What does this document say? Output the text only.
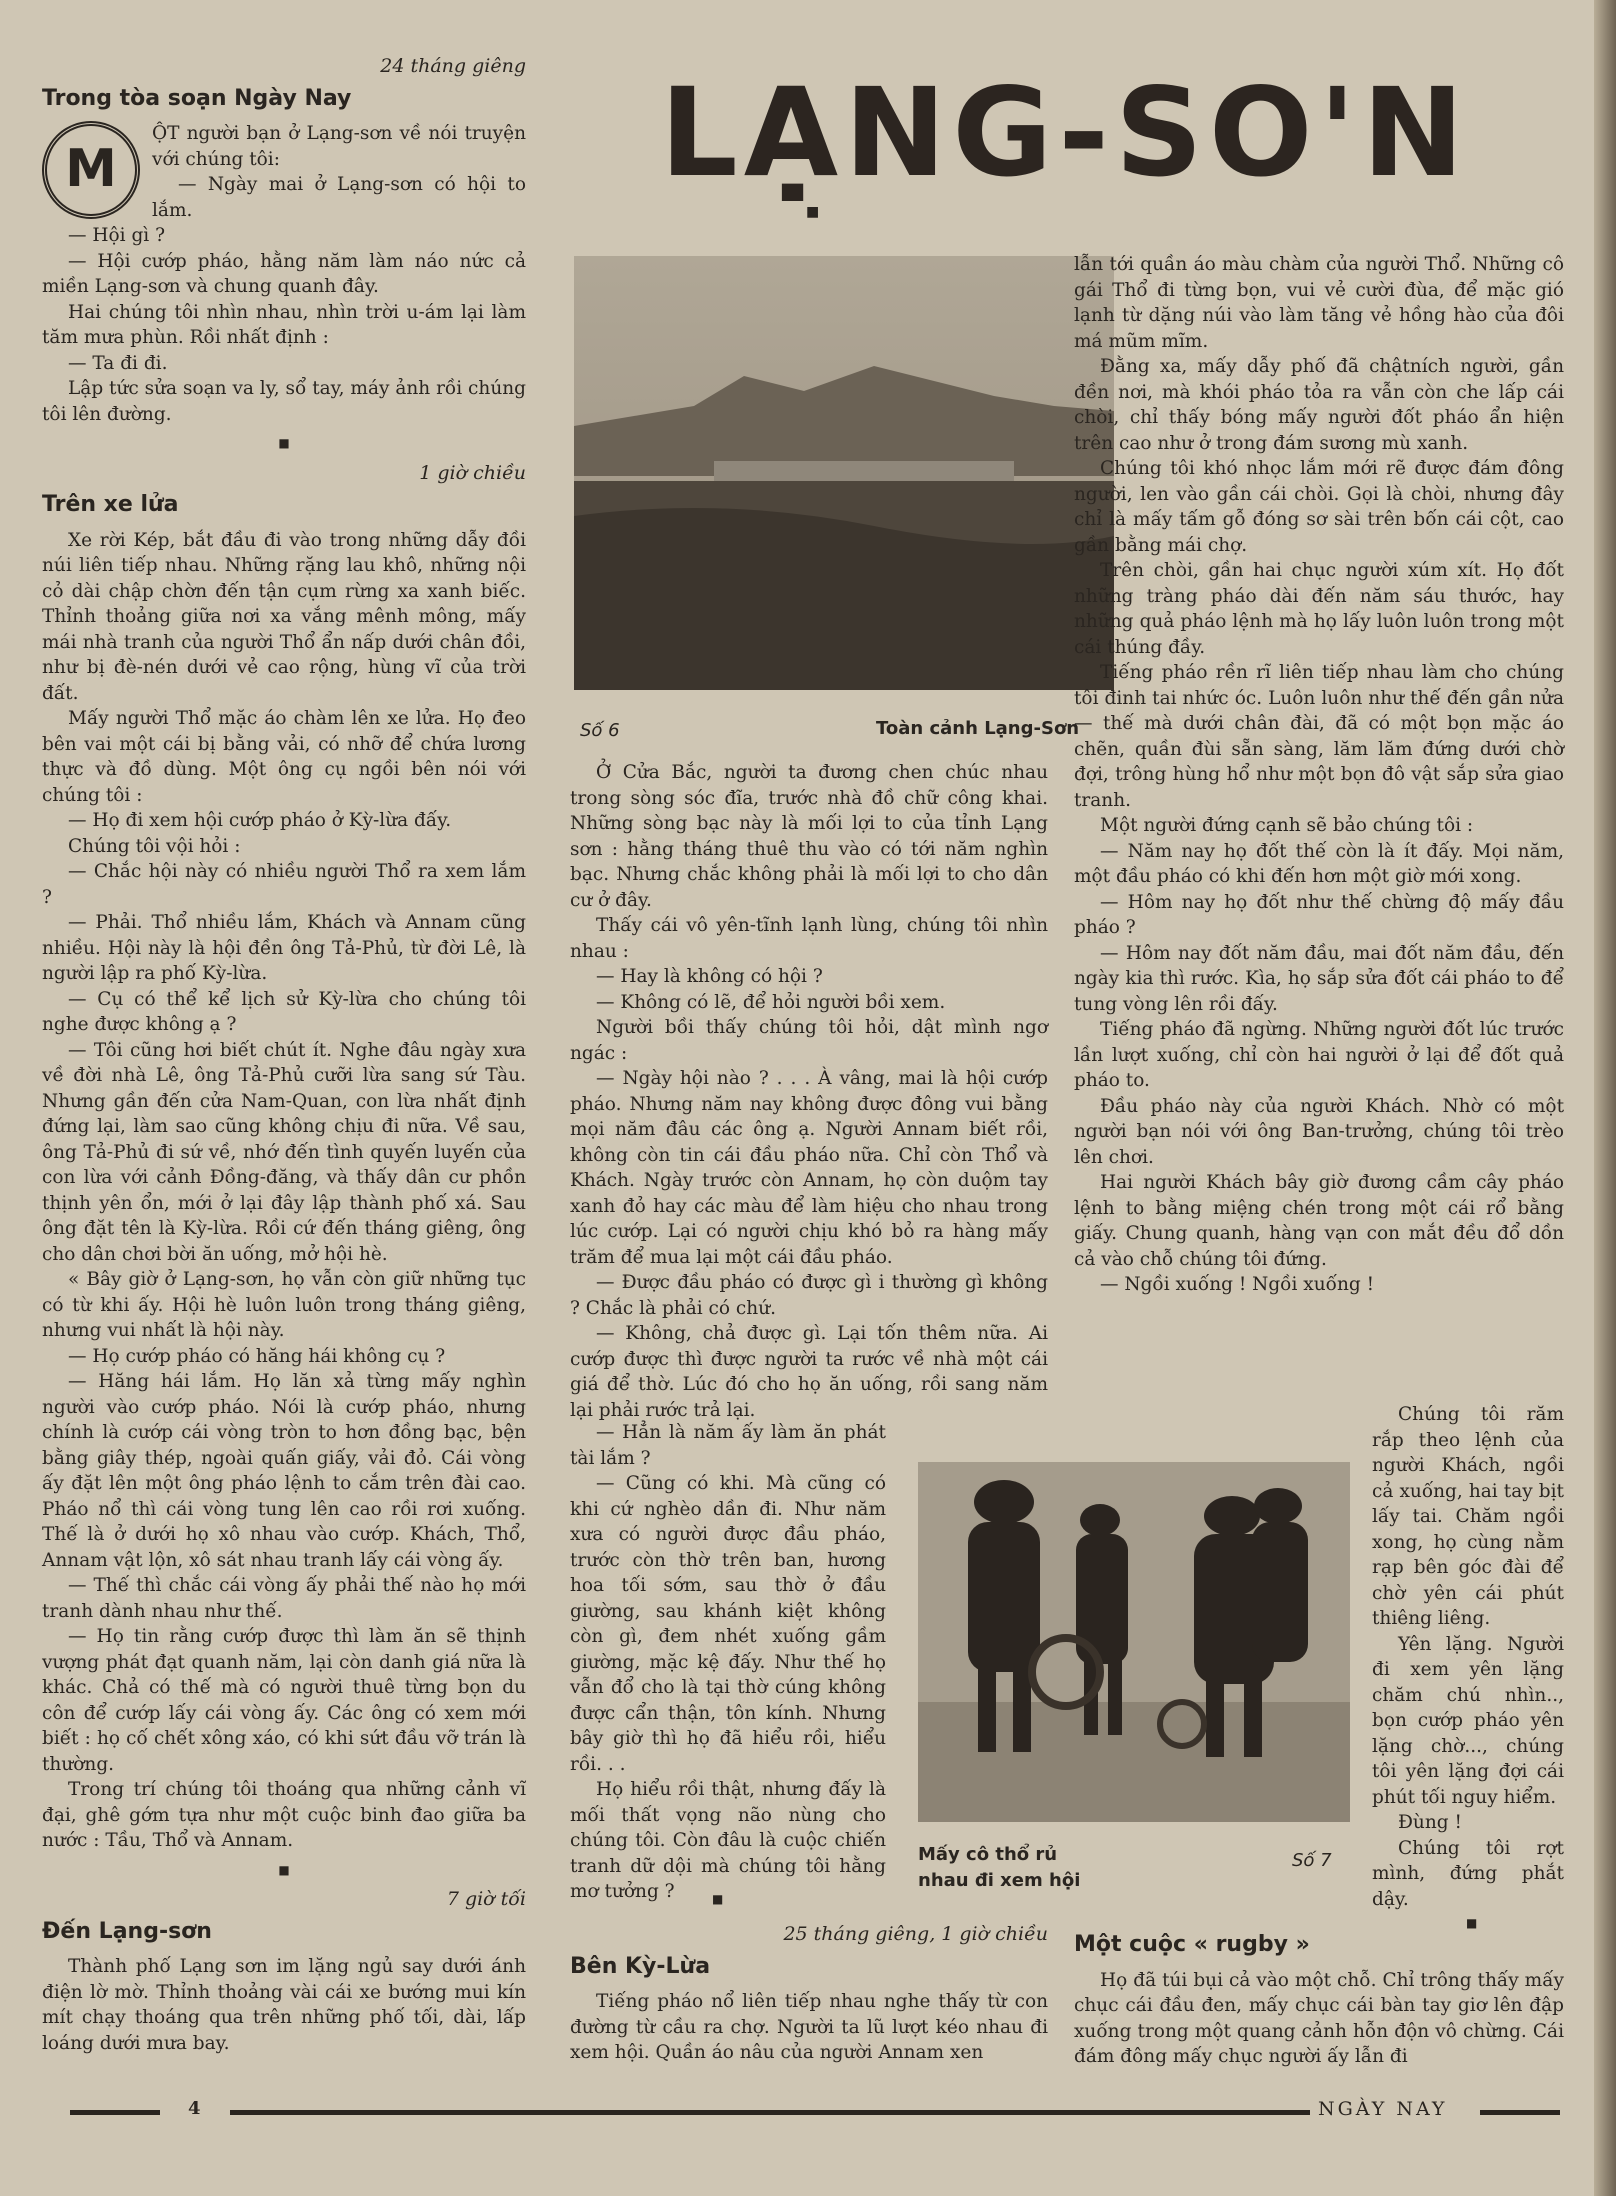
LẠNG-SO'N
■
24 tháng giêng
Trong tòa soạn Ngày Nay
M

ỘT người bạn ở Lạng-sơn về nói truyện với chúng tôi:

— Ngày mai ở Lạng-sơn có hội to lắm.

— Hội gì ?

— Hội cướp pháo, hằng năm làm náo nức cả miền Lạng-sơn và chung quanh đây.

Hai chúng tôi nhìn nhau, nhìn trời u-ám lại làm tăm mưa phùn. Rồi nhất định :

— Ta đi đi.

Lập tức sửa soạn va ly, sổ tay, máy ảnh rồi chúng tôi lên đường.

■
1 giờ chiều
Trên xe lửa

Xe rời Kép, bắt đầu đi vào trong những dẫy đồi núi liên tiếp nhau. Những rặng lau khô, những nội cỏ dài chập chờn đến tận cụm rừng xa xanh biếc. Thỉnh thoảng giữa nơi xa vắng mênh mông, mấy mái nhà tranh của người Thổ ẩn nấp dưới chân đồi, như bị đè-nén dưới vẻ cao rộng, hùng vĩ của trời đất.

Mấy người Thổ mặc áo chàm lên xe lửa. Họ đeo bên vai một cái bị bằng vải, có nhỡ để chứa lương thực và đồ dùng. Một ông cụ ngồi bên nói với chúng tôi :

— Họ đi xem hội cướp pháo ở Kỳ-lừa đấy.

Chúng tôi vội hỏi :

— Chắc hội này có nhiều người Thổ ra xem lắm ?

— Phải. Thổ nhiều lắm, Khách và Annam cũng nhiều. Hội này là hội đền ông Tả-Phủ, từ đời Lê, là người lập ra phố Kỳ-lừa.

— Cụ có thể kể lịch sử Kỳ-lừa cho chúng tôi nghe được không ạ ?

— Tôi cũng hơi biết chút ít. Nghe đâu ngày xưa về đời nhà Lê, ông Tả-Phủ cưỡi lừa sang sứ Tàu. Nhưng gần đến cửa Nam-Quan, con lừa nhất định đứng lại, làm sao cũng không chịu đi nữa. Về sau, ông Tả-Phủ đi sứ về, nhớ đến tình quyến luyến của con lừa với cảnh Đồng-đăng, và thấy dân cư phồn thịnh yên ổn, mới ở lại đây lập thành phố xá. Sau ông đặt tên là Kỳ-lừa. Rồi cứ đến tháng giêng, ông cho dân chơi bời ăn uống, mở hội hè.

« Bây giờ ở Lạng-sơn, họ vẫn còn giữ những tục có từ khi ấy. Hội hè luôn luôn trong tháng giêng, nhưng vui nhất là hội này.

— Họ cướp pháo có hăng hái không cụ ?

— Hăng hái lắm. Họ lăn xả từng mấy nghìn người vào cướp pháo. Nói là cướp pháo, nhưng chính là cướp cái vòng tròn to hơn đồng bạc, bện bằng giây thép, ngoài quấn giấy, vải đỏ. Cái vòng ấy đặt lên một ông pháo lệnh to cắm trên đài cao. Pháo nổ thì cái vòng tung lên cao rồi rơi xuống. Thế là ở dưới họ xô nhau vào cướp. Khách, Thổ, Annam vật lộn, xô sát nhau tranh lấy cái vòng ấy.

— Thế thì chắc cái vòng ấy phải thế nào họ mới tranh dành nhau như thế.

— Họ tin rằng cướp được thì làm ăn sẽ thịnh vượng phát đạt quanh năm, lại còn danh giá nữa là khác. Chả có thế mà có người thuê từng bọn du côn để cướp lấy cái vòng ấy. Các ông có xem mới biết : họ cố chết xông xáo, có khi sứt đầu vỡ trán là thường.

Trong trí chúng tôi thoáng qua những cảnh vĩ đại, ghê gớm tựa như một cuộc binh đao giữa ba nước : Tầu, Thổ và Annam.

■
7 giờ tối
Đến Lạng-sơn

Thành phố Lạng sơn im lặng ngủ say dưới ánh điện lờ mờ. Thỉnh thoảng vài cái xe bướng mui kín mít chạy thoáng qua trên những phố tối, dài, lấp loáng dưới mưa bay.

Số 6	Toàn cảnh Lạng-Sơn

Ở Cửa Bắc, người ta đương chen chúc nhau trong sòng sóc đĩa, trước nhà đồ chữ công khai. Những sòng bạc này là mối lợi to của tỉnh Lạng sơn : hằng tháng thuê thu vào có tới năm nghìn bạc. Nhưng chắc không phải là mối lợi to cho dân cư ở đây.

Thấy cái vô yên-tĩnh lạnh lùng, chúng tôi nhìn nhau :

— Hay là không có hội ?

— Không có lẽ, để hỏi người bồi xem.

Người bồi thấy chúng tôi hỏi, dật mình ngơ ngác :

— Ngày hội nào ? . . . À vâng, mai là hội cướp pháo. Nhưng năm nay không được đông vui bằng mọi năm đâu các ông ạ. Người Annam biết rồi, không còn tin cái đầu pháo nữa. Chỉ còn Thổ và Khách. Ngày trước còn Annam, họ còn duộm tay xanh đỏ hay các màu để làm hiệu cho nhau trong lúc cướp. Lại có người chịu khó bỏ ra hàng mấy trăm để mua lại một cái đầu pháo.

— Được đầu pháo có được gì i thường gì không ? Chắc là phải có chứ.

— Không, chả được gì. Lại tốn thêm nữa. Ai cướp được thì được người ta rước về nhà một cái giá để thờ. Lúc đó cho họ ăn uống, rồi sang năm lại phải rước trả lại.

— Hẳn là năm ấy làm ăn phát tài lắm ?

— Cũng có khi. Mà cũng có khi cứ nghèo dần đi. Như năm xưa có người được đầu pháo, trước còn thờ trên ban, hương hoa tối sớm, sau thờ ở đầu giường, sau khánh kiệt không còn gì, đem nhét xuống gầm giường, mặc kệ đấy. Như thế họ vẫn đổ cho là tại thờ cúng không được cẩn thận, tôn kính. Nhưng bây giờ thì họ đã hiểu rồi, hiểu rồi. . .

Họ hiểu rồi thật, nhưng đấy là mối thất vọng não nùng cho chúng tôi. Còn đâu là cuộc chiến tranh dữ dội mà chúng tôi hằng mơ tưởng ?

Mấy cô thổ rủ
nhau đi xem hội
Số 7
■
25 tháng giêng, 1 giờ chiều
Bên Kỳ-Lừa

Tiếng pháo nổ liên tiếp nhau nghe thấy từ con đường từ cầu ra chợ. Người ta lũ lượt kéo nhau đi xem hội. Quần áo nâu của người Annam xen

lẫn tới quần áo màu chàm của người Thổ. Những cô gái Thổ đi từng bọn, vui vẻ cười đùa, để mặc gió lạnh từ dặng núi vào làm tăng vẻ hồng hào của đôi má mũm mĩm.

Đằng xa, mấy dẫy phố đã chậtních người, gần đền nơi, mà khói pháo tỏa ra vẫn còn che lấp cái chòi, chỉ thấy bóng mấy người đốt pháo ẩn hiện trên cao như ở trong đám sương mù xanh.

Chúng tôi khó nhọc lắm mới rẽ được đám đông người, len vào gần cái chòi. Gọi là chòi, nhưng đây chỉ là mấy tấm gỗ đóng sơ sài trên bốn cái cột, cao gần bằng mái chợ.

Trên chòi, gần hai chục người xúm xít. Họ đốt những tràng pháo dài đến năm sáu thước, hay những quả pháo lệnh mà họ lấy luôn luôn trong một cái thúng đầy.

Tiếng pháo rền rĩ liên tiếp nhau làm cho chúng tôi đinh tai nhức óc. Luôn luôn như thế đến gần nửa — thế mà dưới chân đài, đã có một bọn mặc áo chẽn, quần đùi sẵn sàng, lăm lăm đứng dưới chờ đợi, trông hùng hổ như một bọn đô vật sắp sửa giao tranh.

Một người đứng cạnh sẽ bảo chúng tôi :

— Năm nay họ đốt thế còn là ít đấy. Mọi năm, một đầu pháo có khi đến hơn một giờ mới xong.

— Hôm nay họ đốt như thế chừng độ mấy đầu pháo ?

— Hôm nay đốt năm đầu, mai đốt năm đầu, đến ngày kia thì rước. Kìa, họ sắp sửa đốt cái pháo to để tung vòng lên rồi đấy.

Tiếng pháo đã ngừng. Những người đốt lúc trước lần lượt xuống, chỉ còn hai người ở lại để đốt quả pháo to.

Đầu pháo này của người Khách. Nhờ có một người bạn nói với ông Ban-trưởng, chúng tôi trèo lên chơi.

Hai người Khách bây giờ đương cầm cây pháo lệnh to bằng miệng chén trong một cái rổ bằng giấy. Chung quanh, hàng vạn con mắt đều đổ dồn cả vào chỗ chúng tôi đứng.

— Ngồi xuống ! Ngồi xuống !

Chúng tôi răm rắp theo lệnh của người Khách, ngồi cả xuống, hai tay bịt lấy tai. Chăm ngồi xong, họ cùng nằm rạp bên góc đài để chờ yên cái phút thiêng liêng.

Yên lặng. Người đi xem yên lặng chăm chú nhìn.., bọn cướp pháo yên lặng chờ..., chúng tôi yên lặng đợi cái phút tối nguy hiểm.

Đùng !

Chúng tôi rợt mình, đứng phắt dậy.

■
Một cuộc « rugby »

Họ đã túi bụi cả vào một chỗ. Chỉ trông thấy mấy chục cái đầu đen, mấy chục cái bàn tay giơ lên đập xuống trong một quang cảnh hỗn độn vô chừng. Cái đám đông mấy chục người ấy lẫn đi

4	NGÀY NAY
